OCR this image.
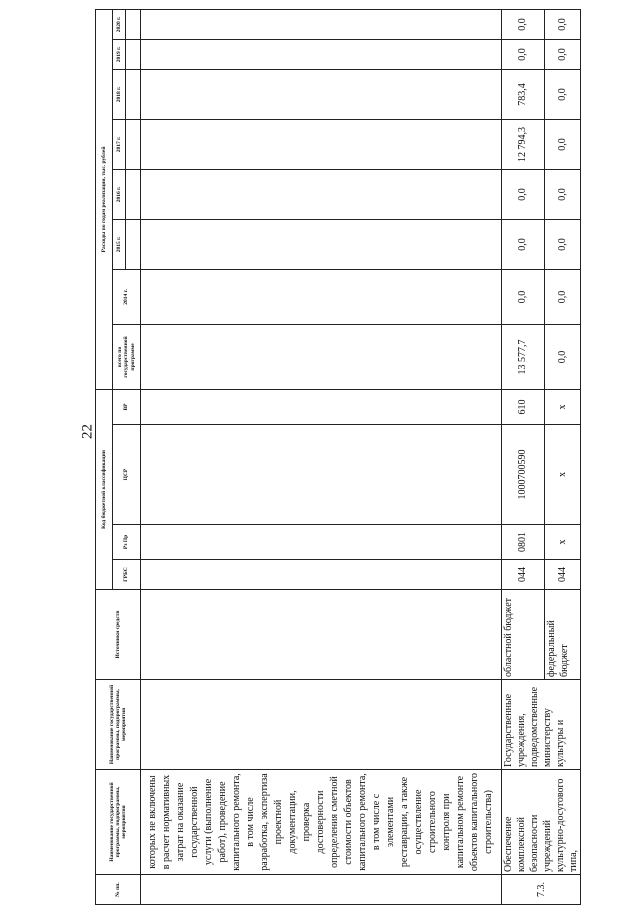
22
№ пп.	Наименование государственной программы, подпрограммы, мероприятия	Наименование государственной программы, подпрограммы, мероприятия	Источники средств	Код бюджетной классификации				Расходы по годам реализации, тыс. рублей							
				ГРБС	Рз Пр	ЦСР	ВР	всего по государственной программе	2014 г.	2015 г.	2016 г.	2017 г.	2018 г.	2019 г.	2020 г.

	которых не включены в расчет нормативных затрат на оказание государственной услуги (выполнение работ), проведение капитального ремонта, в том числе разработка, экспертиза проектной документации, проверка достоверности определения сметной стоимости объектов капитального ремонта, в том числе с элементами реставрации, а также осуществление строительного контроля при капитальном ремонте объектов капитального строительства)														
7.3.	Обеспечение комплексной безопасности учреждений культурно-досугового типа,	Государственные учреждения, подведомственные министерству культуры и	областной бюджет	044	0801	1000700590	610	13 577,7	0,0	0,0	0,0	12 794,3	783,4	0,0	0,0
			федеральный бюджет	044	х	х	х	0,0	0,0	0,0	0,0	0,0	0,0	0,0	0,0
